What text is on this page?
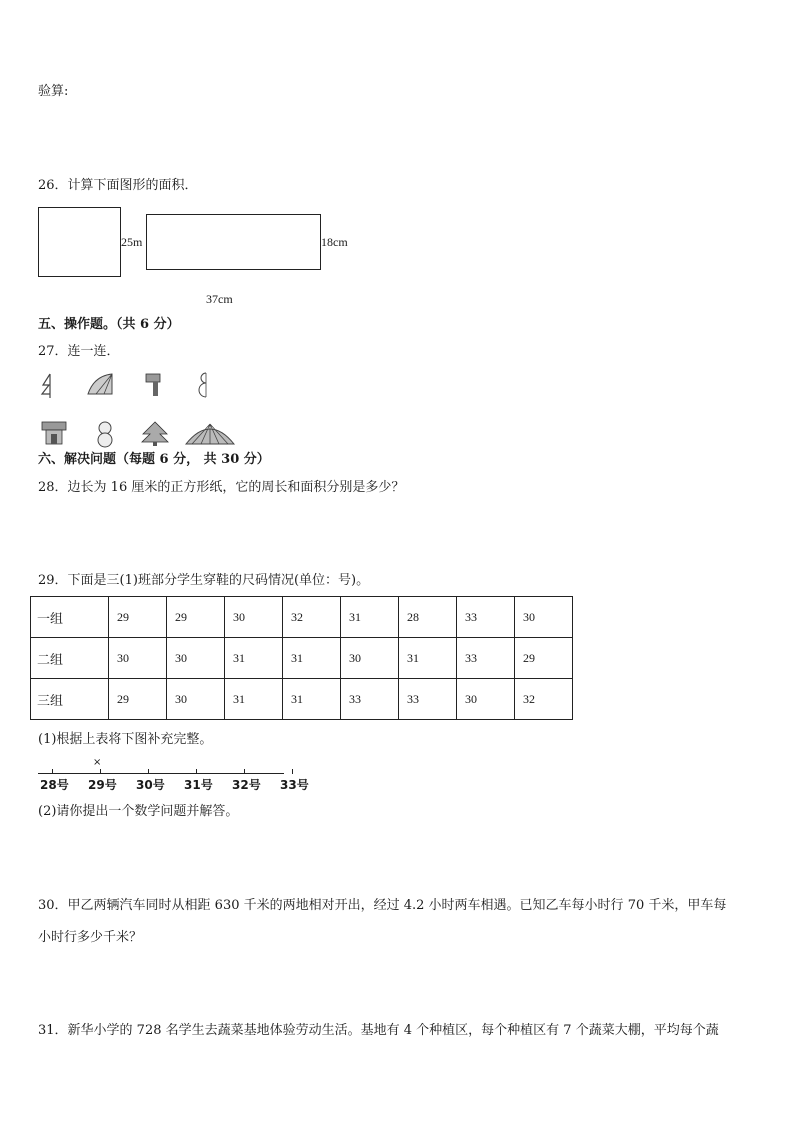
验算:
26．计算下面图形的面积．
25m	18cm
37cm
五、操作题。（共 6 分）
27．连一连．
六、解决问题（每题 6 分， 共 30 分）
28．边长为 16 厘米的正方形纸，它的周长和面积分别是多少？
29．下面是三(1)班部分学生穿鞋的尺码情况(单位：号)。
一组	29	29	30	32	31	28	33	30
二组	30	30	31	31	30	31	33	29
三组	29	30	31	31	33	33	30	32
(1)根据上表将下图补充完整。
28号 29号 30号 31号 32号 33号
×
(2)请你提出一个数学问题并解答。
30．甲乙两辆汽车同时从相距 630 千米的两地相对开出，经过 4.2 小时两车相遇。已知乙车每小时行 70 千米，甲车每
小时行多少千米？
31．新华小学的 728 名学生去蔬菜基地体验劳动生活。基地有 4 个种植区，每个种植区有 7 个蔬菜大棚，平均每个蔬
